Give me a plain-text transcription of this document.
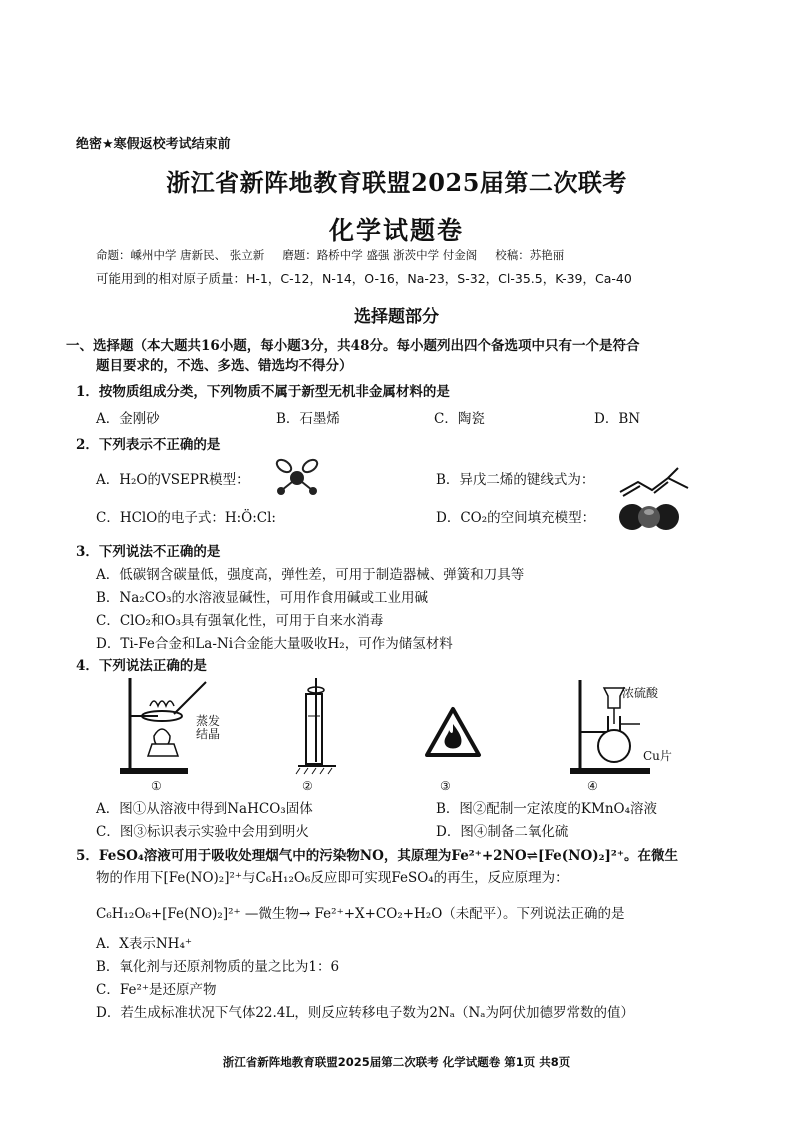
绝密★寒假返校考试结束前
浙江省新阵地教育联盟2025届第二次联考
化学试题卷
命题：嵊州中学 唐新民、 张立新 磨题：路桥中学 盛强 浙茨中学 付金阁 校稿：苏艳丽
可能用到的相对原子质量：H-1，C-12，N-14，O-16，Na-23，S-32，Cl-35.5，K-39，Ca-40
选择题部分
一、选择题（本大题共16小题，每小题3分，共48分。每小题列出四个备选项中只有一个是符合
题目要求的，不选、多选、错选均不得分）
1．按物质组成分类，下列物质不属于新型无机非金属材料的是
A．金刚砂	B．石墨烯	C．陶瓷	D．BN
2．下列表示不正确的是
A．H₂O的VSEPR模型：	B．异戊二烯的键线式为：
C．HClO的电子式：H:Ö:Cl:	D．CO₂的空间填充模型：
3．下列说法不正确的是
A．低碳钢含碳量低，强度高，弹性差，可用于制造器械、弹簧和刀具等
B．Na₂CO₃的水溶液显碱性，可用作食用碱或工业用碱
C．ClO₂和O₃具有强氧化性，可用于自来水消毒
D．Ti-Fe合金和La-Ni合金能大量吸收H₂，可作为储氢材料
4．下列说法正确的是
蒸发结晶
①	②	③
浓硫酸
Cu片
④
A．图①从溶液中得到NaHCO₃固体	B．图②配制一定浓度的KMnO₄溶液
C．图③标识表示实验中会用到明火	D．图④制备二氧化硫
5．FeSO₄溶液可用于吸收处理烟气中的污染物NO，其原理为Fe²⁺+2NO⇌[Fe(NO)₂]²⁺。在微生
物的作用下[Fe(NO)₂]²⁺与C₆H₁₂O₆反应即可实现FeSO₄的再生，反应原理为：
C₆H₁₂O₆+[Fe(NO)₂]²⁺ —微生物→ Fe²⁺+X+CO₂+H₂O（未配平）。下列说法正确的是
A．X表示NH₄⁺
B．氧化剂与还原剂物质的量之比为1：6
C．Fe²⁺是还原产物
D．若生成标准状况下气体22.4L，则反应转移电子数为2Nₐ（Nₐ为阿伏加德罗常数的值）
浙江省新阵地教育联盟2025届第二次联考 化学试题卷 第1页 共8页
